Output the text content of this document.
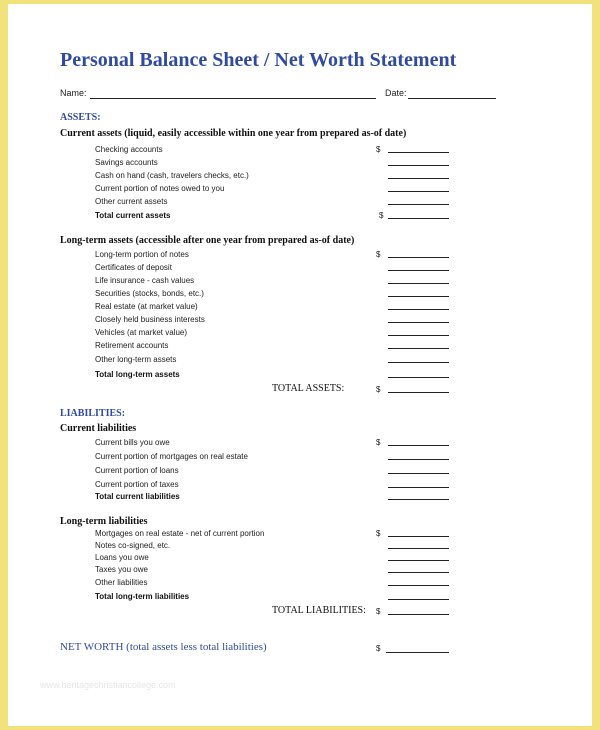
Personal Balance Sheet / Net Worth Statement
Name:	Date:
ASSETS:
Current assets (liquid, easily accessible within one year from prepared as-of date)
Checking accounts	$
Savings accounts
Cash on hand (cash, travelers checks, etc.)
Current portion of notes owed to you
Other current assets
Total current assets	$
Long-term assets (accessible after one year from prepared as-of date)
Long-term portion of notes	$
Certificates of deposit
Life insurance - cash values
Securities (stocks, bonds, etc.)
Real estate (at market value)
Closely held business interests
Vehicles (at market value)
Retirement accounts
Other long-term assets
Total long-term assets
TOTAL ASSETS:	$
LIABILITIES:
Current liabilities
Current bills you owe	$
Current portion of mortgages on real estate
Current portion of loans
Current portion of taxes
Total current liabilities
Long-term liabilities
Mortgages on real estate - net of current portion	$
Notes co-signed, etc.
Loans you owe
Taxes you owe
Other liabilities
Total long-term liabilities
TOTAL LIABILITIES: $
NET WORTH (total assets less total liabilities)	$
www.heritagechristiancollege.com
